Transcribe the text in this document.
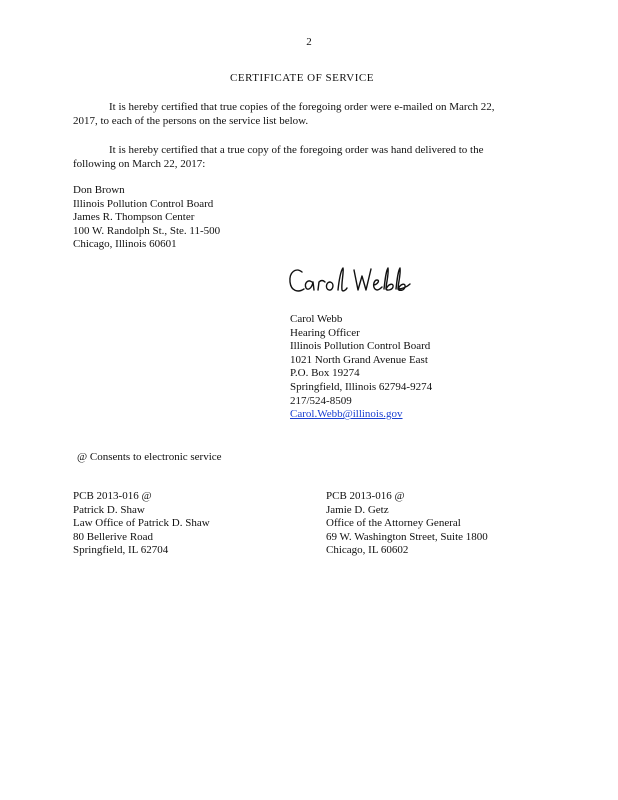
2
CERTIFICATE OF SERVICE
It is hereby certified that true copies of the foregoing order were e-mailed on March 22,
2017, to each of the persons on the service list below.
It is hereby certified that a true copy of the foregoing order was hand delivered to the
following on March 22, 2017:
Don Brown
Illinois Pollution Control Board
James R. Thompson Center
100 W. Randolph St., Ste. 11-500
Chicago, Illinois 60601
Carol Webb
Hearing Officer
Illinois Pollution Control Board
1021 North Grand Avenue East
P.O. Box 19274
Springfield, Illinois 62794-9274
217/524-8509
Carol.Webb@illinois.gov
@ Consents to electronic service
PCB 2013-016 @
Patrick D. Shaw
Law Office of Patrick D. Shaw
80 Bellerive Road
Springfield, IL 62704
PCB 2013-016 @
Jamie D. Getz
Office of the Attorney General
69 W. Washington Street, Suite 1800
Chicago, IL 60602
